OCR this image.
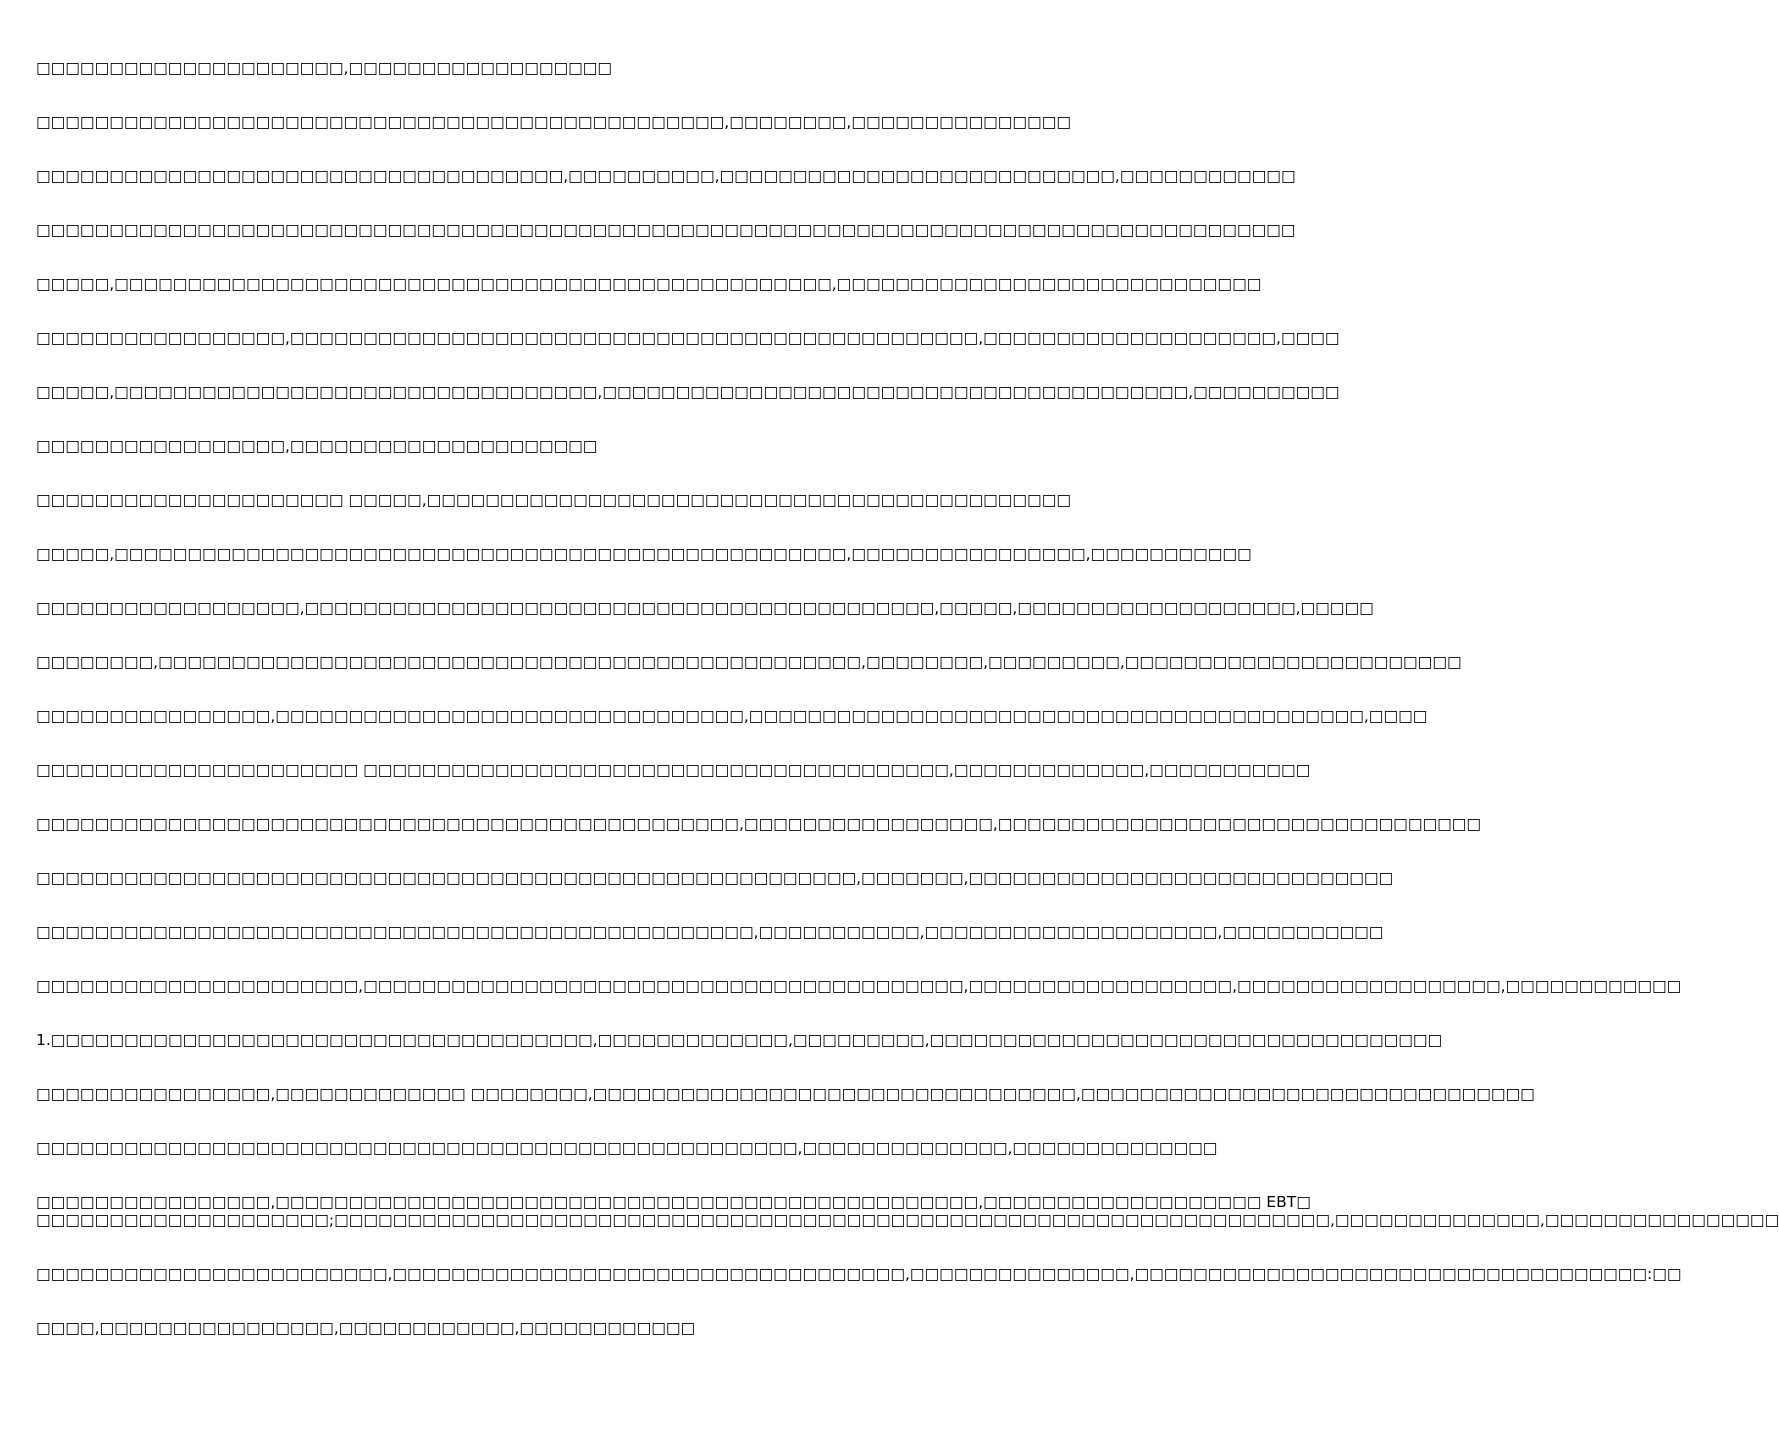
□□□□□□□□□□□□□□□□□□□□□,□□□□□□□□□□□□□□□□□□
□□□□□□□□□□□□□□□□□□□□□□□□□□□□□□□□□□□□□□□□□□□□□□□,□□□□□□□□,□□□□□□□□□□□□□□□
□□□□□□□□□□□□□□□□□□□□□□□□□□□□□□□□□□□□,□□□□□□□□□□,□□□□□□□□□□□□□□□□□□□□□□□□□□□,□□□□□□□□□□□□
□□□□□□□□□□□□□□□□□□□□□□□□□□□□□□□□□□□□□□□□□□□□□□□□□□□□□□□□□□□□□□□□□□□□□□□□□□□□□□□□□□□□□□
□□□□□,□□□□□□□□□□□□□□□□□□□□□□□□□□□□□□□□□□□□□□□□□□□□□□□□□,□□□□□□□□□□□□□□□□□□□□□□□□□□□□□
□□□□□□□□□□□□□□□□□,□□□□□□□□□□□□□□□□□□□□□□□□□□□□□□□□□□□□□□□□□□□□□□□,□□□□□□□□□□□□□□□□□□□□,□□□□
□□□□□,□□□□□□□□□□□□□□□□□□□□□□□□□□□□□□□□□,□□□□□□□□□□□□□□□□□□□□□□□□□□□□□□□□□□□□□□□□,□□□□□□□□□□
□□□□□□□□□□□□□□□□□,□□□□□□□□□□□□□□□□□□□□□
□□□□□□□□□□□□□□□□□□□□□ □□□□□,□□□□□□□□□□□□□□□□□□□□□□□□□□□□□□□□□□□□□□□□□□□□
□□□□□,□□□□□□□□□□□□□□□□□□□□□□□□□□□□□□□□□□□□□□□□□□□□□□□□□□,□□□□□□□□□□□□□□□□,□□□□□□□□□□□
□□□□□□□□□□□□□□□□□□,□□□□□□□□□□□□□□□□□□□□□□□□□□□□□□□□□□□□□□□□□□□,□□□□□,□□□□□□□□□□□□□□□□□□□,□□□□□
□□□□□□□□,□□□□□□□□□□□□□□□□□□□□□□□□□□□□□□□□□□□□□□□□□□□□□□□□,□□□□□□□□,□□□□□□□□□,□□□□□□□□□□□□□□□□□□□□□□□
□□□□□□□□□□□□□□□□,□□□□□□□□□□□□□□□□□□□□□□□□□□□□□□□□,□□□□□□□□□□□□□□□□□□□□□□□□□□□□□□□□□□□□□□□□□□,□□□□
□□□□□□□□□□□□□□□□□□□□□□ □□□□□□□□□□□□□□□□□□□□□□□□□□□□□□□□□□□□□□□□,□□□□□□□□□□□□□,□□□□□□□□□□□
□□□□□□□□□□□□□□□□□□□□□□□□□□□□□□□□□□□□□□□□□□□□□□□□,□□□□□□□□□□□□□□□□□,□□□□□□□□□□□□□□□□□□□□□□□□□□□□□□□□□
□□□□□□□□□□□□□□□□□□□□□□□□□□□□□□□□□□□□□□□□□□□□□□□□□□□□□□□□,□□□□□□□,□□□□□□□□□□□□□□□□□□□□□□□□□□□□□
□□□□□□□□□□□□□□□□□□□□□□□□□□□□□□□□□□□□□□□□□□□□□□□□□,□□□□□□□□□□□,□□□□□□□□□□□□□□□□□□□□,□□□□□□□□□□□
□□□□□□□□□□□□□□□□□□□□□□,□□□□□□□□□□□□□□□□□□□□□□□□□□□□□□□□□□□□□□□□□,□□□□□□□□□□□□□□□□□□,□□□□□□□□□□□□□□□□□□,□□□□□□□□□□□□
1.□□□□□□□□□□□□□□□□□□□□□□□□□□□□□□□□□□□□□,□□□□□□□□□□□□□,□□□□□□□□□,□□□□□□□□□□□□□□□□□□□□□□□□□□□□□□□□□□□
□□□□□□□□□□□□□□□□,□□□□□□□□□□□□□ □□□□□□□□,□□□□□□□□□□□□□□□□□□□□□□□□□□□□□□□□□,□□□□□□□□□□□□□□□□□□□□□□□□□□□□□□□
□□□□□□□□□□□□□□□□□□□□□□□□□□□□□□□□□□□□□□□□□□□□□□□□□□□□,□□□□□□□□□□□□□□,□□□□□□□□□□□□□□
□□□□□□□□□□□□□□□□,□□□□□□□□□□□□□□□□□□□□□□□□□□□□□□□□□□□□□□□□□□□□□□□□,□□□□□□□□□□□□□□□□□□□ EBT□
□□□□□□□□□□□□□□□□□□□□;□□□□□□□□□□□□□□□□□□□□□□□□□□□□□□□□□□□□□□□□□□□□□□□□□□□□□□□□□□□□□□□□□□□□,□□□□□□□□□□□□□□,□□□□□□□□□□□□□□□□
□□□□□□□□□□□□□□□□□□□□□□□□,□□□□□□□□□□□□□□□□□□□□□□□□□□□□□□□□□□□,□□□□□□□□□□□□□□□,□□□□□□□□□□□□□□□□□□□□□□□□□□□□□□□□□□□:□□
□□□□,□□□□□□□□□□□□□□□□,□□□□□□□□□□□□,□□□□□□□□□□□□
